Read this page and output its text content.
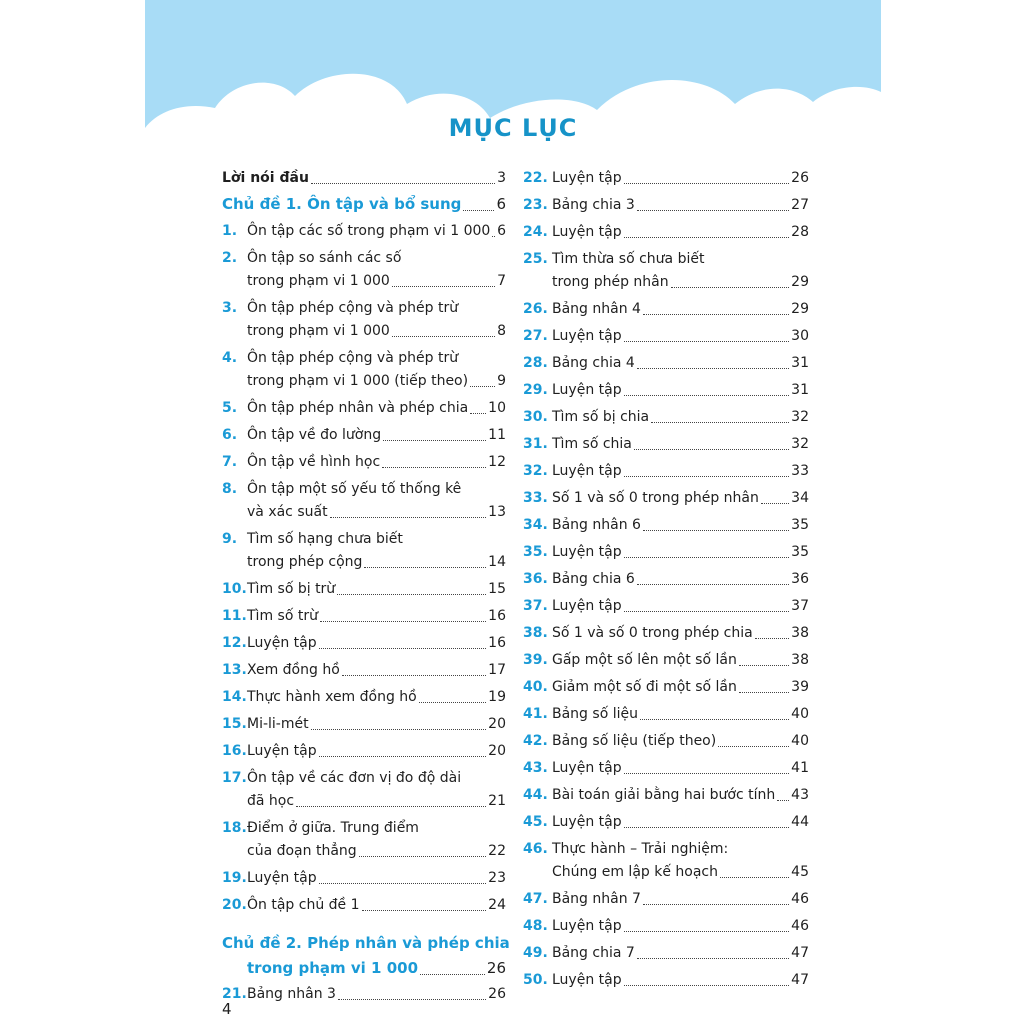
MỤC LỤC
Lời nói đầu	3
Chủ đề 1. Ôn tập và bổ sung 6
1. Ôn tập các số trong phạm vi 1 000 6
2. Ôn tập so sánh các số
trong phạm vi 1 000	7
3. Ôn tập phép cộng và phép trừ
trong phạm vi 1 000	8
4. Ôn tập phép cộng và phép trừ
trong phạm vi 1 000 (tiếp theo) 9
5. Ôn tập phép nhân và phép chia 10
6. Ôn tập về đo lường	11
7. Ôn tập về hình học	12
8. Ôn tập một số yếu tố thống kê
và xác suất	13
9. Tìm số hạng chưa biết
trong phép cộng	14
10. Tìm số bị trừ	15
11. Tìm số trừ	16
12. Luyện tập	16
13. Xem đồng hồ	17
14. Thực hành xem đồng hồ	19
15. Mi-li-mét	20
16. Luyện tập	20
17. Ôn tập về các đơn vị đo độ dài
đã học	21
18. Điểm ở giữa. Trung điểm
của đoạn thẳng	22
19. Luyện tập	23
20. Ôn tập chủ đề 1	24
Chủ đề 2. Phép nhân và phép chia
trong phạm vi 1 000	26
21. Bảng nhân 3	26
22. Luyện tập	26
23. Bảng chia 3	27
24. Luyện tập	28
25. Tìm thừa số chưa biết
trong phép nhân	29
26. Bảng nhân 4	29
27. Luyện tập	30
28. Bảng chia 4	31
29. Luyện tập	31
30. Tìm số bị chia	32
31. Tìm số chia	32
32. Luyện tập	33
33. Số 1 và số 0 trong phép nhân 34
34. Bảng nhân 6	35
35. Luyện tập	35
36. Bảng chia 6	36
37. Luyện tập	37
38. Số 1 và số 0 trong phép chia	38
39. Gấp một số lên một số lần	38
40. Giảm một số đi một số lần	39
41. Bảng số liệu	40
42. Bảng số liệu (tiếp theo)	40
43. Luyện tập	41
44. Bài toán giải bằng hai bước tính 43
45. Luyện tập	44
46. Thực hành – Trải nghiệm:
Chúng em lập kế hoạch	45
47. Bảng nhân 7	46
48. Luyện tập	46
49. Bảng chia 7	47
50. Luyện tập	47
4
